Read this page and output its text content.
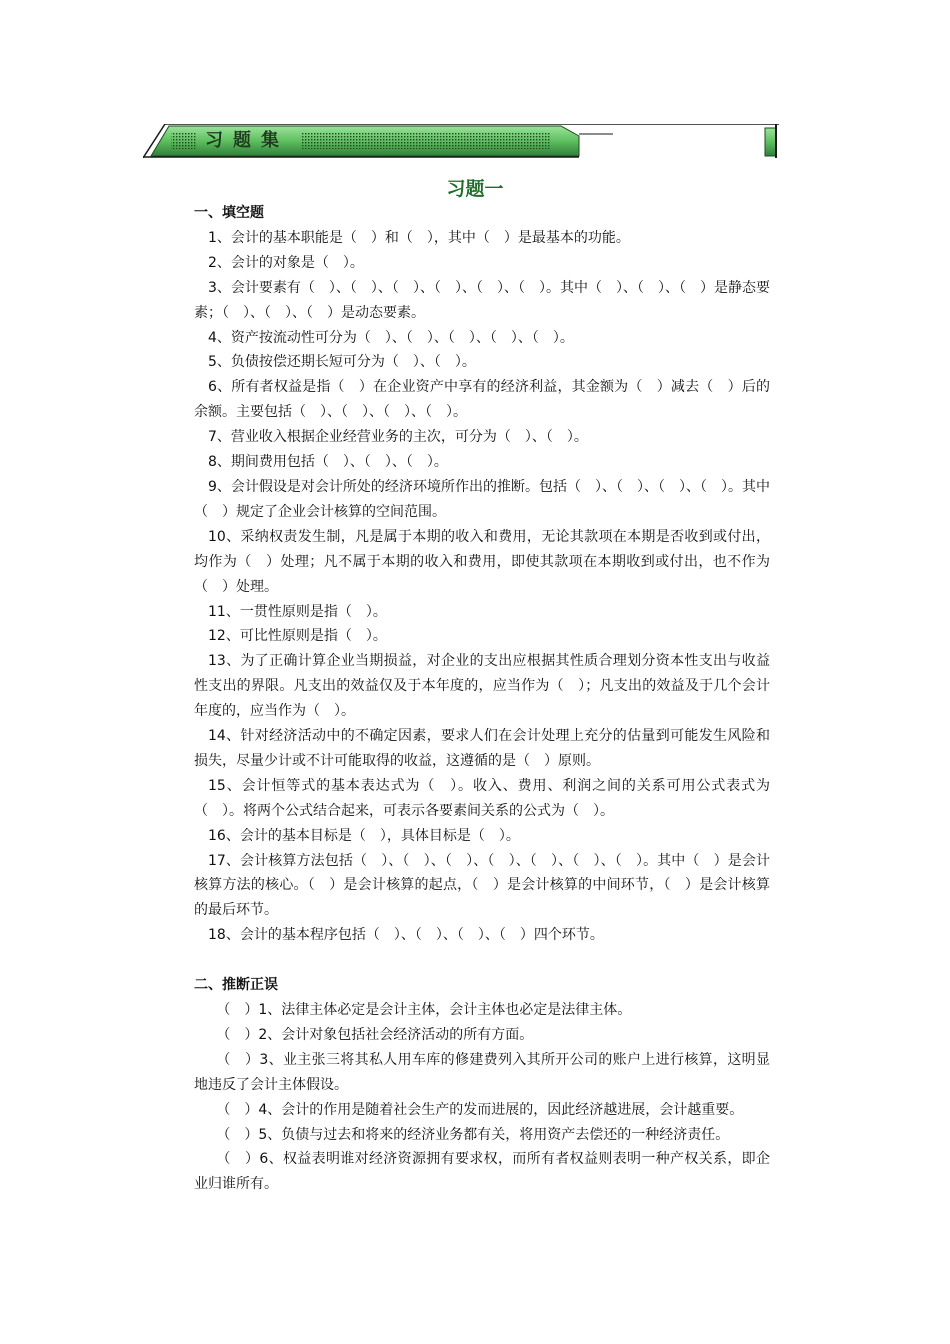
习题集
习题一

一、填空题

1、会计的基本职能是（　）和（　），其中（　）是最基本的功能。

2、会计的对象是（　）。

3、会计要素有（　）、（　）、（　）、（　）、（　）、（　）。其中（　）、（　）、（　）是静态要素；（　）、（　）、（　）是动态要素。

4、资产按流动性可分为（　）、（　）、（　）、（　）、（　）。

5、负债按偿还期长短可分为（　）、（　）。

6、所有者权益是指（　）在企业资产中享有的经济利益，其金额为（　）减去（　）后的余额。主要包括（　）、（　）、（　）、（　）。

7、营业收入根据企业经营业务的主次，可分为（　）、（　）。

8、期间费用包括（　）、（　）、（　）。

9、会计假设是对会计所处的经济环境所作出的推断。包括（　）、（　）、（　）、（　）。其中（　）规定了企业会计核算的空间范围。

10、采纳权责发生制，凡是属于本期的收入和费用，无论其款项在本期是否收到或付出，均作为（　）处理；凡不属于本期的收入和费用，即使其款项在本期收到或付出，也不作为（　）处理。

11、一贯性原则是指（　）。

12、可比性原则是指（　）。

13、为了正确计算企业当期损益，对企业的支出应根据其性质合理划分资本性支出与收益性支出的界限。凡支出的效益仅及于本年度的，应当作为（　）；凡支出的效益及于几个会计年度的，应当作为（　）。

14、针对经济活动中的不确定因素，要求人们在会计处理上充分的估量到可能发生风险和损失，尽量少计或不计可能取得的收益，这遵循的是（　）原则。

15、会计恒等式的基本表达式为（　）。收入、费用、利润之间的关系可用公式表式为（　）。将两个公式结合起来，可表示各要素间关系的公式为（　）。

16、会计的基本目标是（　），具体目标是（　）。

17、会计核算方法包括（　）、（　）、（　）、（　）、（　）、（　）、（　）。其中（　）是会计核算方法的核心。（　）是会计核算的起点，（　）是会计核算的中间环节，（　）是会计核算的最后环节。

18、会计的基本程序包括（　）、（　）、（　）、（　）四个环节。

二、推断正误

（　）1、法律主体必定是会计主体，会计主体也必定是法律主体。

（　）2、会计对象包括社会经济活动的所有方面。

（　）3、业主张三将其私人用车库的修建费列入其所开公司的账户上进行核算，这明显地违反了会计主体假设。

（　）4、会计的作用是随着社会生产的发而进展的，因此经济越进展，会计越重要。

（　）5、负债与过去和将来的经济业务都有关，将用资产去偿还的一种经济责任。

（　）6、权益表明谁对经济资源拥有要求权，而所有者权益则表明一种产权关系，即企业归谁所有。
